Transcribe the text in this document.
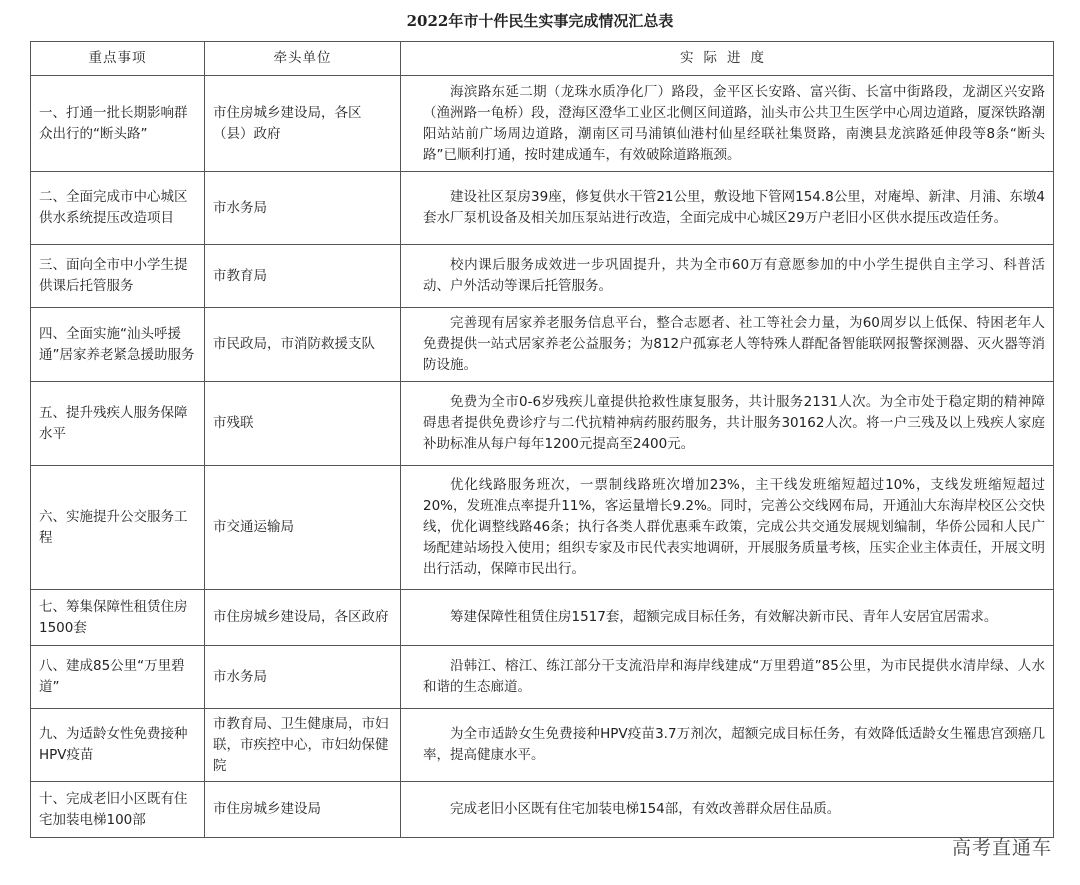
2022年市十件民生实事完成情况汇总表
重点事项	牵头单位	实际进度
一、打通一批长期影响群众出行的“断头路”	市住房城乡建设局，各区（县）政府	海滨路东延二期（龙珠水质净化厂）路段，金平区长安路、富兴街、长富中街路段，龙湖区兴安路（渔洲路一龟桥）段，澄海区澄华工业区北侧区间道路，汕头市公共卫生医学中心周边道路，厦深铁路潮阳站站前广场周边道路，潮南区司马浦镇仙港村仙星经联社集贤路，南澳县龙滨路延伸段等8条“断头路”已顺利打通，按时建成通车，有效破除道路瓶颈。
二、全面完成市中心城区供水系统提压改造项目	市水务局	建设社区泵房39座，修复供水干管21公里，敷设地下管网154.8公里，对庵埠、新津、月浦、东墩4套水厂泵机设备及相关加压泵站进行改造，全面完成中心城区29万户老旧小区供水提压改造任务。
三、面向全市中小学生提供课后托管服务	市教育局	校内课后服务成效进一步巩固提升，共为全市60万有意愿参加的中小学生提供自主学习、科普活动、户外活动等课后托管服务。
四、全面实施“汕头呼援通”居家养老紧急援助服务	市民政局，市消防救援支队	完善现有居家养老服务信息平台，整合志愿者、社工等社会力量，为60周岁以上低保、特困老年人免费提供一站式居家养老公益服务；为812户孤寡老人等特殊人群配备智能联网报警探测器、灭火器等消防设施。
五、提升残疾人服务保障水平	市残联	免费为全市0-6岁残疾儿童提供抢救性康复服务，共计服务2131人次。为全市处于稳定期的精神障碍患者提供免费诊疗与二代抗精神病药服药服务，共计服务30162人次。将一户三残及以上残疾人家庭补助标准从每户每年1200元提高至2400元。
六、实施提升公交服务工程	市交通运输局	优化线路服务班次，一票制线路班次增加23%，主干线发班缩短超过10%，支线发班缩短超过20%，发班准点率提升11%，客运量增长9.2%。同时，完善公交线网布局，开通汕大东海岸校区公交快线，优化调整线路46条；执行各类人群优惠乘车政策，完成公共交通发展规划编制，华侨公园和人民广场配建站场投入使用；组织专家及市民代表实地调研，开展服务质量考核，压实企业主体责任，开展文明出行活动，保障市民出行。
七、筹集保障性租赁住房1500套	市住房城乡建设局，各区政府	筹建保障性租赁住房1517套，超额完成目标任务，有效解决新市民、青年人安居宜居需求。
八、建成85公里“万里碧道”	市水务局	沿韩江、榕江、练江部分干支流沿岸和海岸线建成“万里碧道”85公里，为市民提供水清岸绿、人水和谐的生态廊道。
九、为适龄女性免费接种HPV疫苗	市教育局、卫生健康局，市妇联，市疾控中心，市妇幼保健院	为全市适龄女生免费接种HPV疫苗3.7万剂次，超额完成目标任务，有效降低适龄女生罹患宫颈癌几率，提高健康水平。
十、完成老旧小区既有住宅加装电梯100部	市住房城乡建设局	完成老旧小区既有住宅加装电梯154部，有效改善群众居住品质。
高考直通车
